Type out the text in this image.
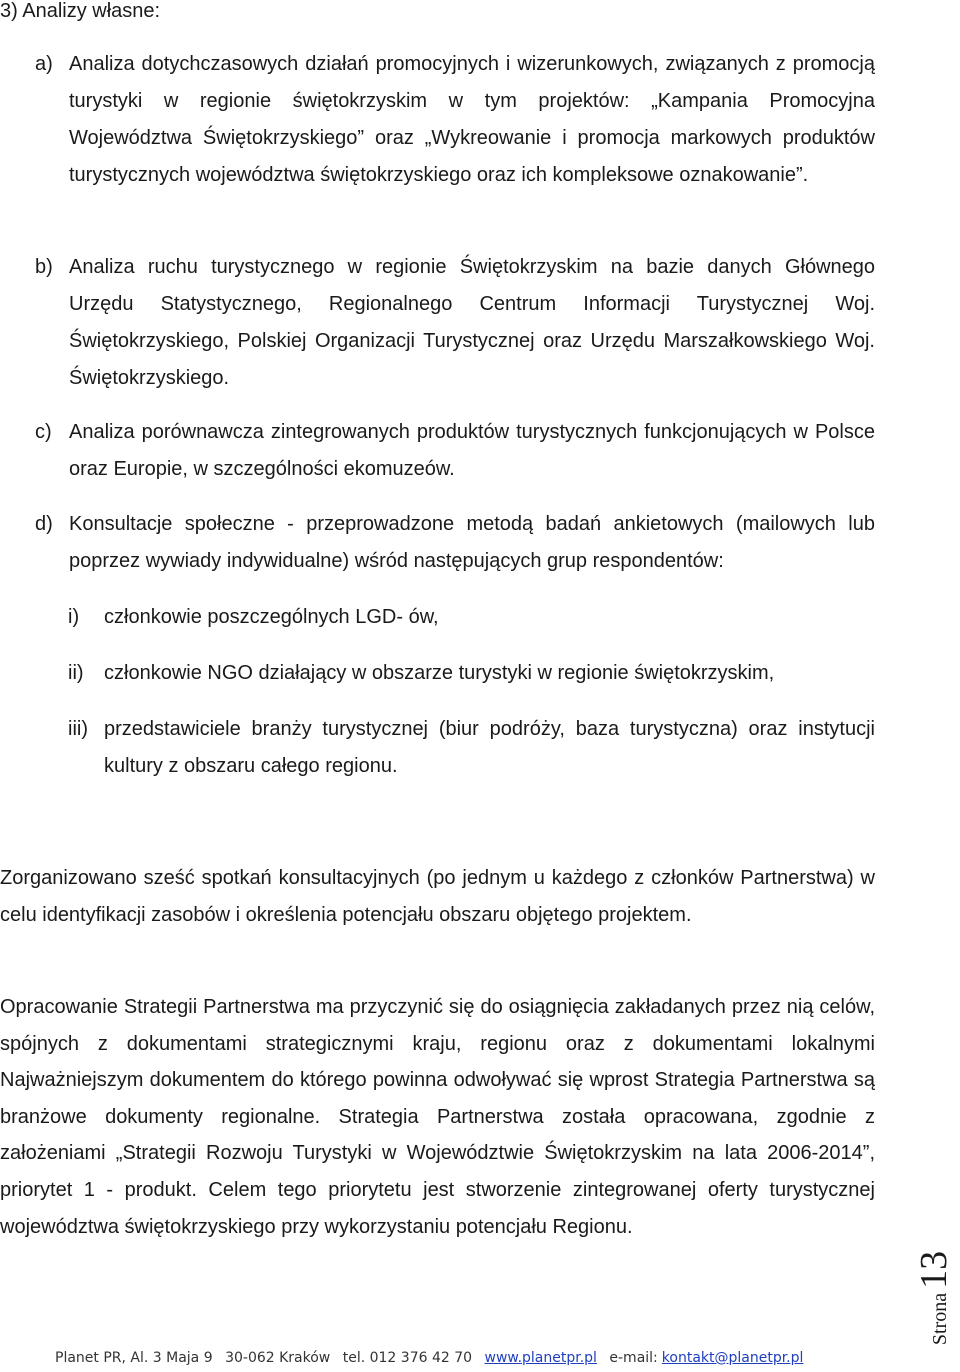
3) Analizy własne:
a) Analiza dotychczasowych działań promocyjnych i wizerunkowych, związanych z promocją turystyki w regionie świętokrzyskim w tym projektów: „Kampania Promocyjna Województwa Świętokrzyskiego” oraz „Wykreowanie i promocja markowych produktów turystycznych województwa świętokrzyskiego oraz ich kompleksowe oznakowanie”.
b) Analiza ruchu turystycznego w regionie Świętokrzyskim na bazie danych Głównego Urzędu Statystycznego, Regionalnego Centrum Informacji Turystycznej Woj. Świętokrzyskiego, Polskiej Organizacji Turystycznej oraz Urzędu Marszałkowskiego Woj. Świętokrzyskiego.
c) Analiza porównawcza zintegrowanych produktów turystycznych funkcjonujących w Polsce oraz Europie, w szczególności ekomuzeów.
d) Konsultacje społeczne - przeprowadzone metodą badań ankietowych (mailowych lub poprzez wywiady indywidualne) wśród następujących grup respondentów:
i) członkowie poszczególnych LGD- ów,
ii) członkowie NGO działający w obszarze turystyki w regionie świętokrzyskim,
iii) przedstawiciele branży turystycznej (biur podróży, baza turystyczna) oraz instytucji kultury z obszaru całego regionu.
Zorganizowano sześć spotkań konsultacyjnych (po jednym u każdego z członków Partnerstwa) w celu identyfikacji zasobów i określenia potencjału obszaru objętego projektem.
Opracowanie Strategii Partnerstwa ma przyczynić się do osiągnięcia zakładanych przez nią celów, spójnych z dokumentami strategicznymi kraju, regionu oraz z dokumentami lokalnymi Najważniejszym dokumentem do którego powinna odwoływać się wprost Strategia Partnerstwa są branżowe dokumenty regionalne. Strategia Partnerstwa została opracowana, zgodnie z założeniami „Strategii Rozwoju Turystyki w Województwie Świętokrzyskim na lata 2006-2014”, priorytet 1 - produkt. Celem tego priorytetu jest stworzenie zintegrowanej oferty turystycznej województwa świętokrzyskiego przy wykorzystaniu potencjału Regionu.
Strona13
Planet PR, Al. 3 Maja 9 30-062 Kraków tel. 012 376 42 70 www.planetpr.pl e-mail: kontakt@planetpr.pl
